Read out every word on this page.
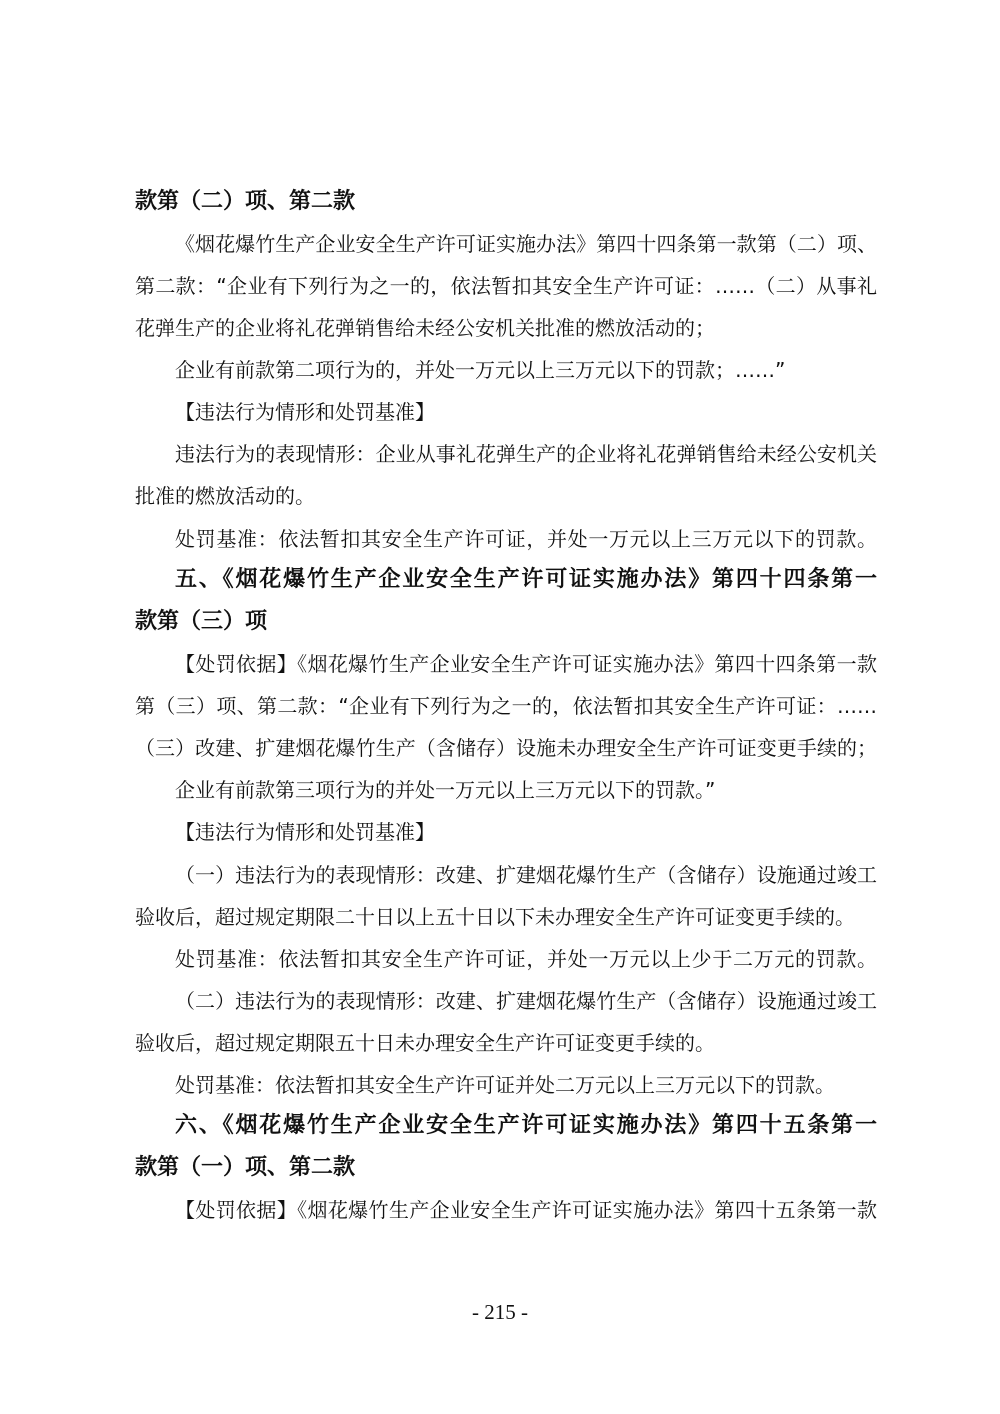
款第（二）项、第二款
《烟花爆竹生产企业安全生产许可证实施办法》第四十四条第一款第（二）项、
第二款：“企业有下列行为之一的，依法暂扣其安全生产许可证：……（二）从事礼
花弹生产的企业将礼花弹销售给未经公安机关批准的燃放活动的；
企业有前款第二项行为的，并处一万元以上三万元以下的罚款；……”
【违法行为情形和处罚基准】
违法行为的表现情形：企业从事礼花弹生产的企业将礼花弹销售给未经公安机关
批准的燃放活动的。
处罚基准：依法暂扣其安全生产许可证，并处一万元以上三万元以下的罚款。
五、《烟花爆竹生产企业安全生产许可证实施办法》第四十四条第一
款第（三）项
【处罚依据】《烟花爆竹生产企业安全生产许可证实施办法》第四十四条第一款
第（三）项、第二款：“企业有下列行为之一的，依法暂扣其安全生产许可证：……
（三）改建、扩建烟花爆竹生产（含储存）设施未办理安全生产许可证变更手续的；
企业有前款第三项行为的并处一万元以上三万元以下的罚款。”
【违法行为情形和处罚基准】
（一）违法行为的表现情形：改建、扩建烟花爆竹生产（含储存）设施通过竣工
验收后，超过规定期限二十日以上五十日以下未办理安全生产许可证变更手续的。
处罚基准：依法暂扣其安全生产许可证，并处一万元以上少于二万元的罚款。
（二）违法行为的表现情形：改建、扩建烟花爆竹生产（含储存）设施通过竣工
验收后，超过规定期限五十日未办理安全生产许可证变更手续的。
处罚基准：依法暂扣其安全生产许可证并处二万元以上三万元以下的罚款。
六、《烟花爆竹生产企业安全生产许可证实施办法》第四十五条第一
款第（一）项、第二款
【处罚依据】《烟花爆竹生产企业安全生产许可证实施办法》第四十五条第一款
- 215 -
